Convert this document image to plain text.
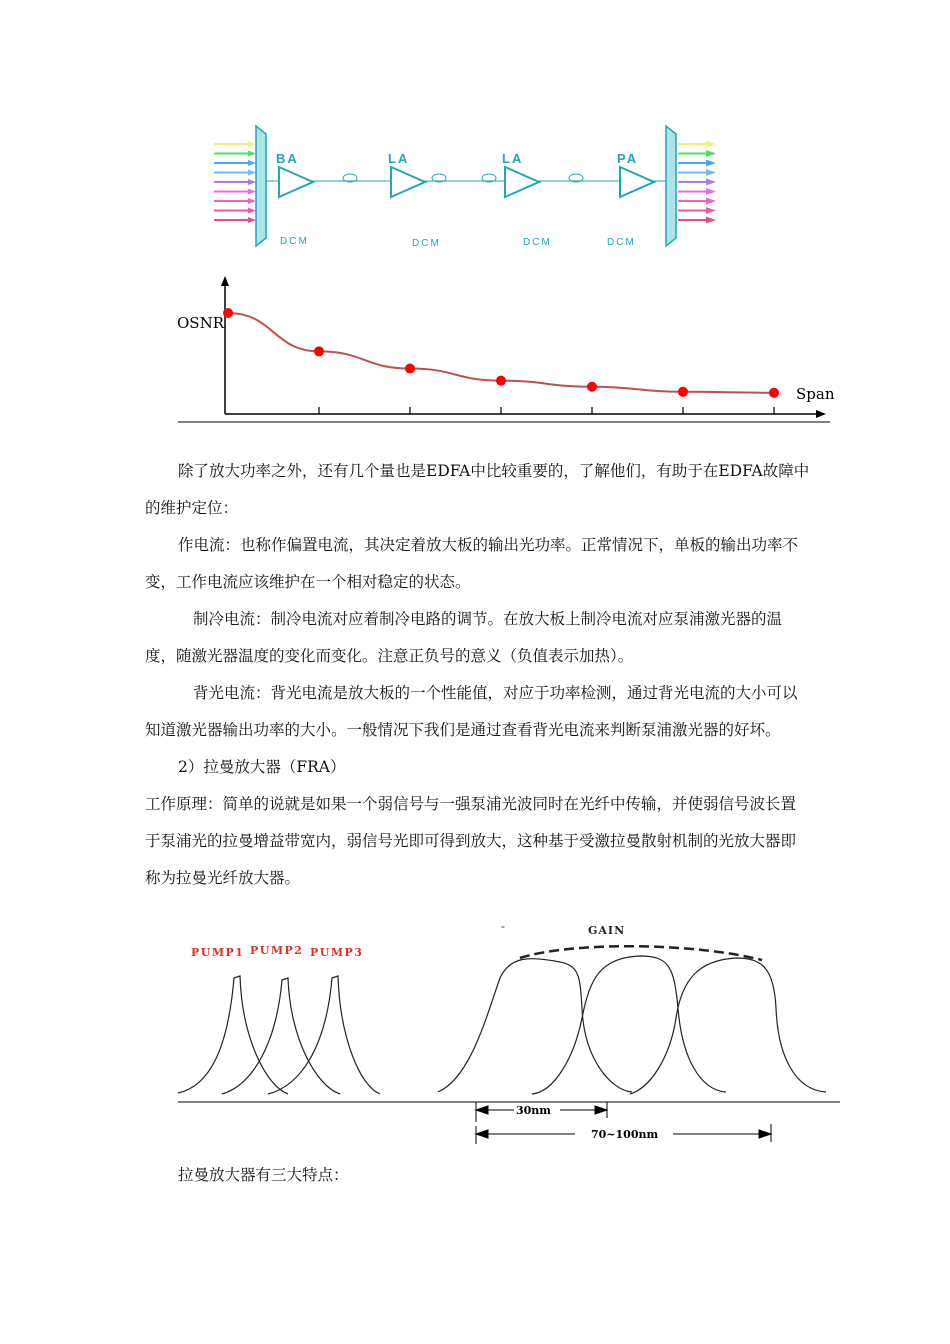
BA	LA	LA	PA
DCM	DCM	DCM	DCM
OSNR
Span

除了放大功率之外，还有几个量也是EDFA中比较重要的，了解他们，有助于在EDFA故障中的维护定位：

作电流：也称作偏置电流，其决定着放大板的输出光功率。正常情况下，单板的输出功率不变，工作电流应该维护在一个相对稳定的状态。

制冷电流：制冷电流对应着制冷电路的调节。在放大板上制冷电流对应泵浦激光器的温度，随激光器温度的变化而变化。注意正负号的意义（负值表示加热）。

背光电流：背光电流是放大板的一个性能值，对应于功率检测，通过背光电流的大小可以知道激光器输出功率的大小。一般情况下我们是通过查看背光电流来判断泵浦激光器的好坏。

2）拉曼放大器（FRA）

工作原理：简单的说就是如果一个弱信号与一强泵浦光波同时在光纤中传输，并使弱信号波长置于泵浦光的拉曼增益带宽内，弱信号光即可得到放大，这种基于受激拉曼散射机制的光放大器即称为拉曼光纤放大器。

-
PUMP1 PUMP2 PUMP3
GAIN
30nm
70~100nm

拉曼放大器有三大特点：
